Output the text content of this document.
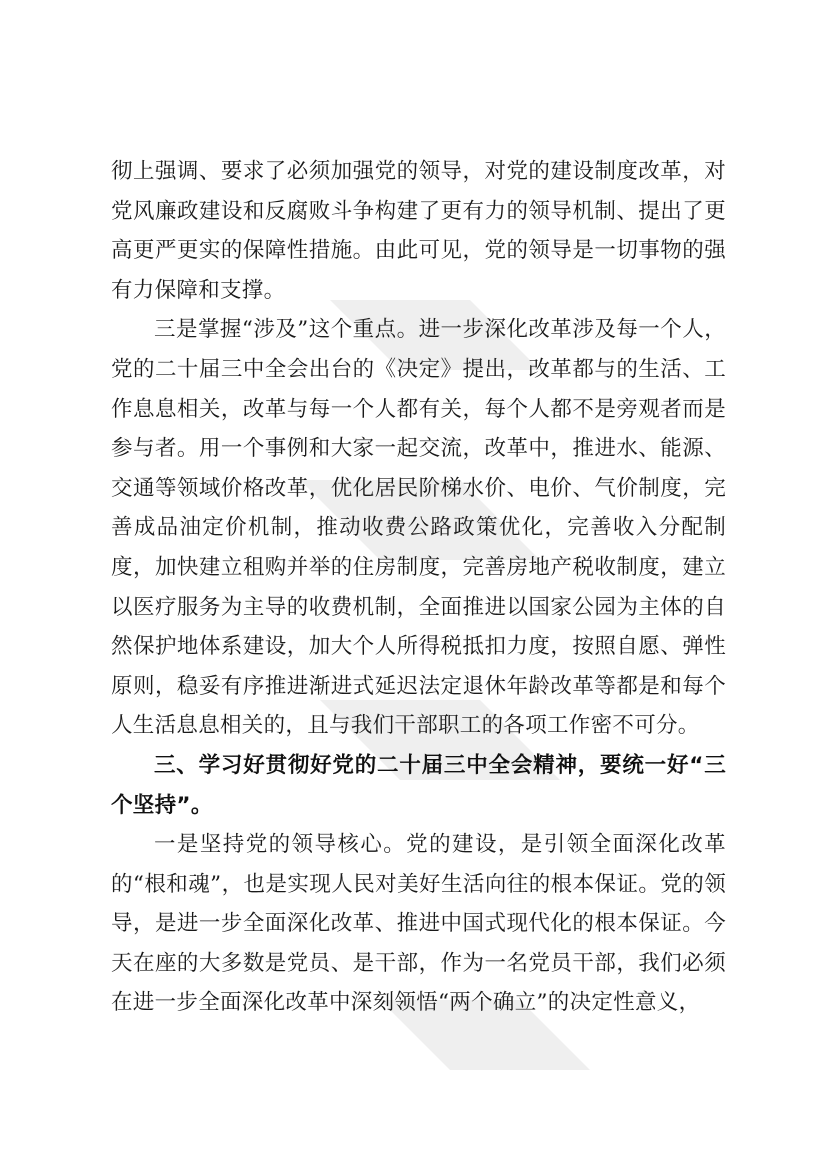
彻上强调、要求了必须加强党的领导，对党的建设制度改革，对党风廉政建设和反腐败斗争构建了更有力的领导机制、提出了更高更严更实的保障性措施。由此可见，党的领导是一切事物的强有力保障和支撑。

三是掌握“涉及”这个重点。进一步深化改革涉及每一个人，党的二十届三中全会出台的《决定》提出，改革都与的生活、工作息息相关，改革与每一个人都有关，每个人都不是旁观者而是参与者。用一个事例和大家一起交流，改革中，推进水、能源、交通等领域价格改革，优化居民阶梯水价、电价、气价制度，完善成品油定价机制，推动收费公路政策优化，完善收入分配制度，加快建立租购并举的住房制度，完善房地产税收制度，建立以医疗服务为主导的收费机制，全面推进以国家公园为主体的自然保护地体系建设，加大个人所得税抵扣力度，按照自愿、弹性原则，稳妥有序推进渐进式延迟法定退休年龄改革等都是和每个人生活息息相关的，且与我们干部职工的各项工作密不可分。

三、学习好贯彻好党的二十届三中全会精神，要统一好“三个坚持”。

一是坚持党的领导核心。党的建设，是引领全面深化改革的“根和魂”，也是实现人民对美好生活向往的根本保证。党的领导，是进一步全面深化改革、推进中国式现代化的根本保证。今天在座的大多数是党员、是干部，作为一名党员干部，我们必须在进一步全面深化改革中深刻领悟“两个确立”的决定性意义，
